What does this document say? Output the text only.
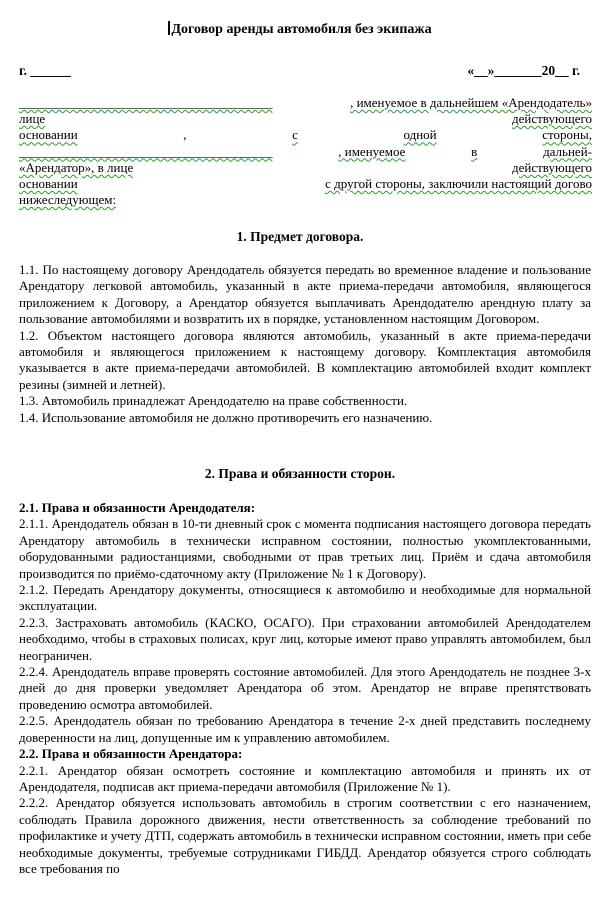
Договор аренды автомобиля без экипажа
г. ______	«__»_______20__ г.
_______________________________________	, именуемое в дальнейшем «Арендодатель»
лице	действующего
основании	,	с	одной	стороны,
_______________________________________	, именуемое	в	дальней-
«Арендатор», в лице	действующего
основании	с другой стороны, заключили настоящий догово
нижеследующем:
1. Предмет договора.

1.1. По настоящему договору Арендодатель обязуется передать во временное владение и пользование Арендатору легковой автомобиль, указанный в акте приема-передачи автомобиля, являющегося приложением к Договору, а Арендатор обязуется выплачивать Арендодателю арендную плату за пользование автомобилями и возвратить их в порядке, установленном настоящим Договором.

1.2. Объектом настоящего договора являются автомобиль, указанный в акте приема-передачи автомобиля и являющегося приложением к настоящему договору. Комплектация автомобиля указывается в акте приема-передачи автомобилей. В комплектацию автомобилей входит комплект резины (зимней и летней).

1.3. Автомобиль принадлежат Арендодателю на праве собственности.

1.4. Использование автомобиля не должно противоречить его назначению.

2. Права и обязанности сторон.

2.1. Права и обязанности Арендодателя:

2.1.1. Арендодатель обязан в 10-ти дневный срок с момента подписания настоящего договора передать Арендатору автомобиль в технически исправном состоянии, полностью укомплектованными, оборудованными радиостанциями, свободными от прав третьих лиц. Приём и сдача автомобиля производится по приёмо-сдаточному акту (Приложение № 1 к Договору).

2.1.2. Передать Арендатору документы, относящиеся к автомобилю и необходимые для нормальной эксплуатации.

2.2.3. Застраховать автомобиль (КАСКО, ОСАГО). При страховании автомобилей Арендодателем необходимо, чтобы в страховых полисах, круг лиц, которые имеют право управлять автомобилем, был неограничен.

2.2.4. Арендодатель вправе проверять состояние автомобилей. Для этого Арендодатель не позднее 3-х дней до дня проверки уведомляет Арендатора об этом. Арендатор не вправе препятствовать проведению осмотра автомобилей.

2.2.5. Арендодатель обязан по требованию Арендатора в течение 2-х дней представить последнему доверенности на лиц, допущенные им к управлению автомобилем.

2.2. Права и обязанности Арендатора:

2.2.1. Арендатор обязан осмотреть состояние и комплектацию автомобиля и принять их от Арендодателя, подписав акт приема-передачи автомобиля (Приложение № 1).

2.2.2. Арендатор обязуется использовать автомобиль в строгим соответствии с его назначением, соблюдать Правила дорожного движения, нести ответственность за соблюдение требований по профилактике и учету ДТП, содержать автомобиль в технически исправном состоянии, иметь при себе необходимые документы, требуемые сотрудниками ГИБДД. Арендатор обязуется строго соблюдать все требования по
